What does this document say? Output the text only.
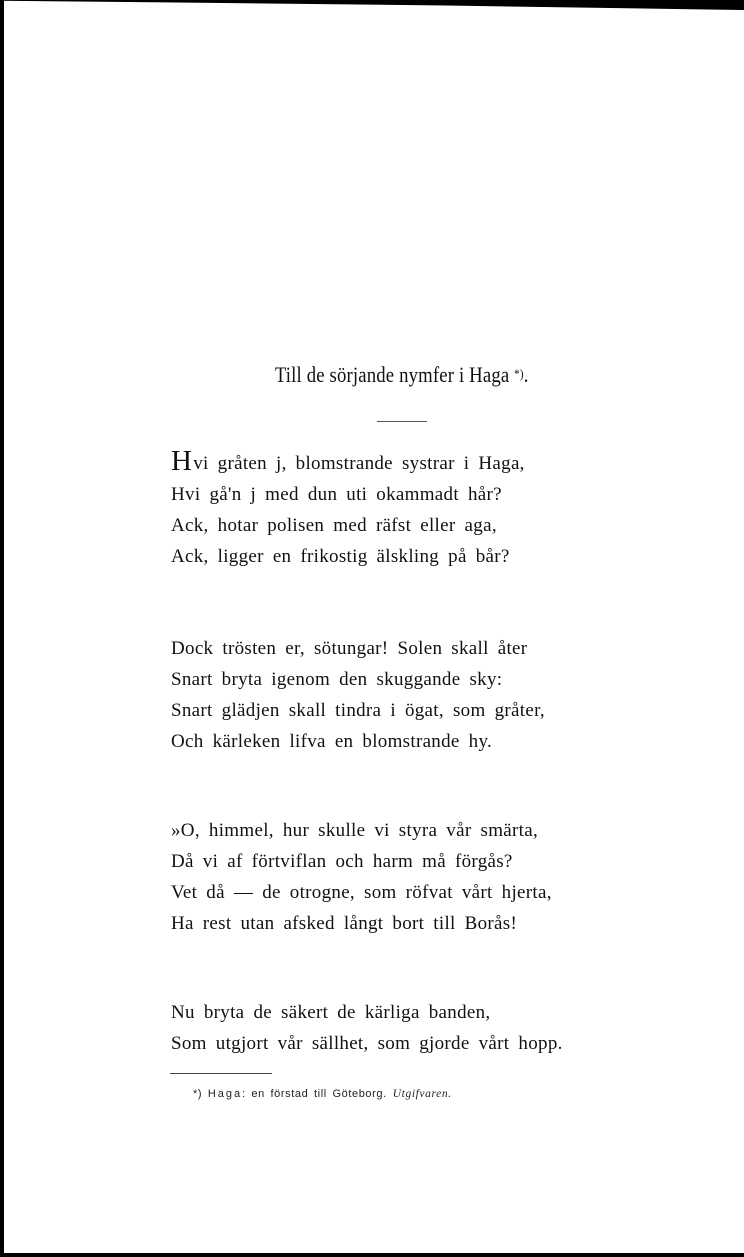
Till de sörjande nymfer i Haga *).
Hvi gråten j, blomstrande systrar i Haga,
Hvi gå'n j med dun uti okammadt hår?
Ack, hotar polisen med räfst eller aga,
Ack, ligger en frikostig älskling på bår?
Dock trösten er, sötungar! Solen skall åter
Snart bryta igenom den skuggande sky:
Snart glädjen skall tindra i ögat, som gråter,
Och kärleken lifva en blomstrande hy.
»O, himmel, hur skulle vi styra vår smärta,
Då vi af förtviflan och harm må förgås?
Vet då — de otrogne, som röfvat vårt hjerta,
Ha rest utan afsked långt bort till Borås!
Nu bryta de säkert de kärliga banden,
Som utgjort vår sällhet, som gjorde vårt hopp.
*) Haga: en förstad till Göteborg. Utgifvaren.
